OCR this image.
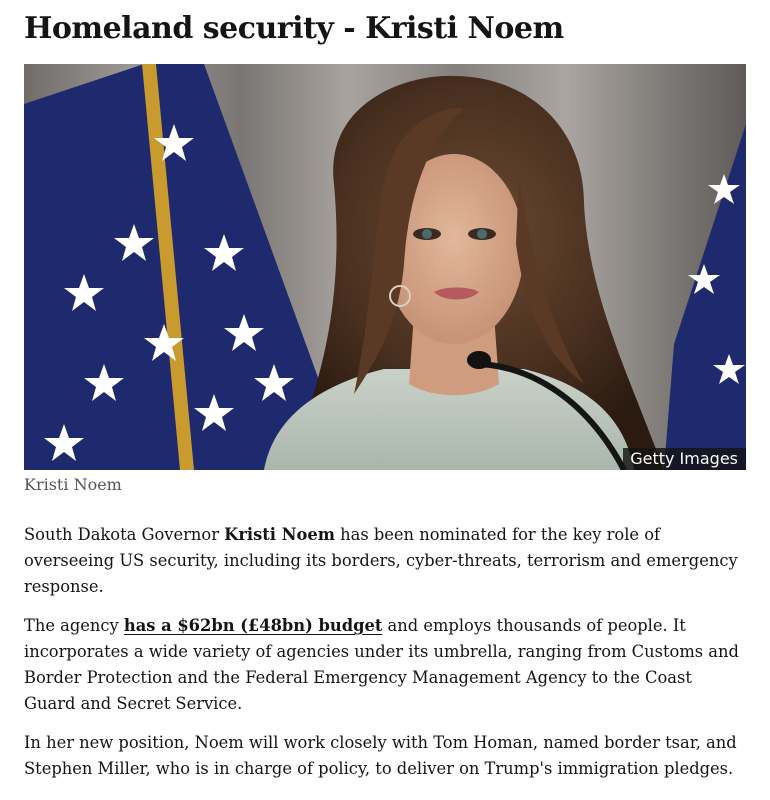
Homeland security - Kristi Noem
Getty Images
Kristi Noem

South Dakota Governor Kristi Noem has been nominated for the key role of overseeing US security, including its borders, cyber-threats, terrorism and emergency response.

The agency has a $62bn (£48bn) budget and employs thousands of people. It incorporates a wide variety of agencies under its umbrella, ranging from Customs and Border Protection and the Federal Emergency Management Agency to the Coast Guard and Secret Service.

In her new position, Noem will work closely with Tom Homan, named border tsar, and Stephen Miller, who is in charge of policy, to deliver on Trump's immigration pledges.
